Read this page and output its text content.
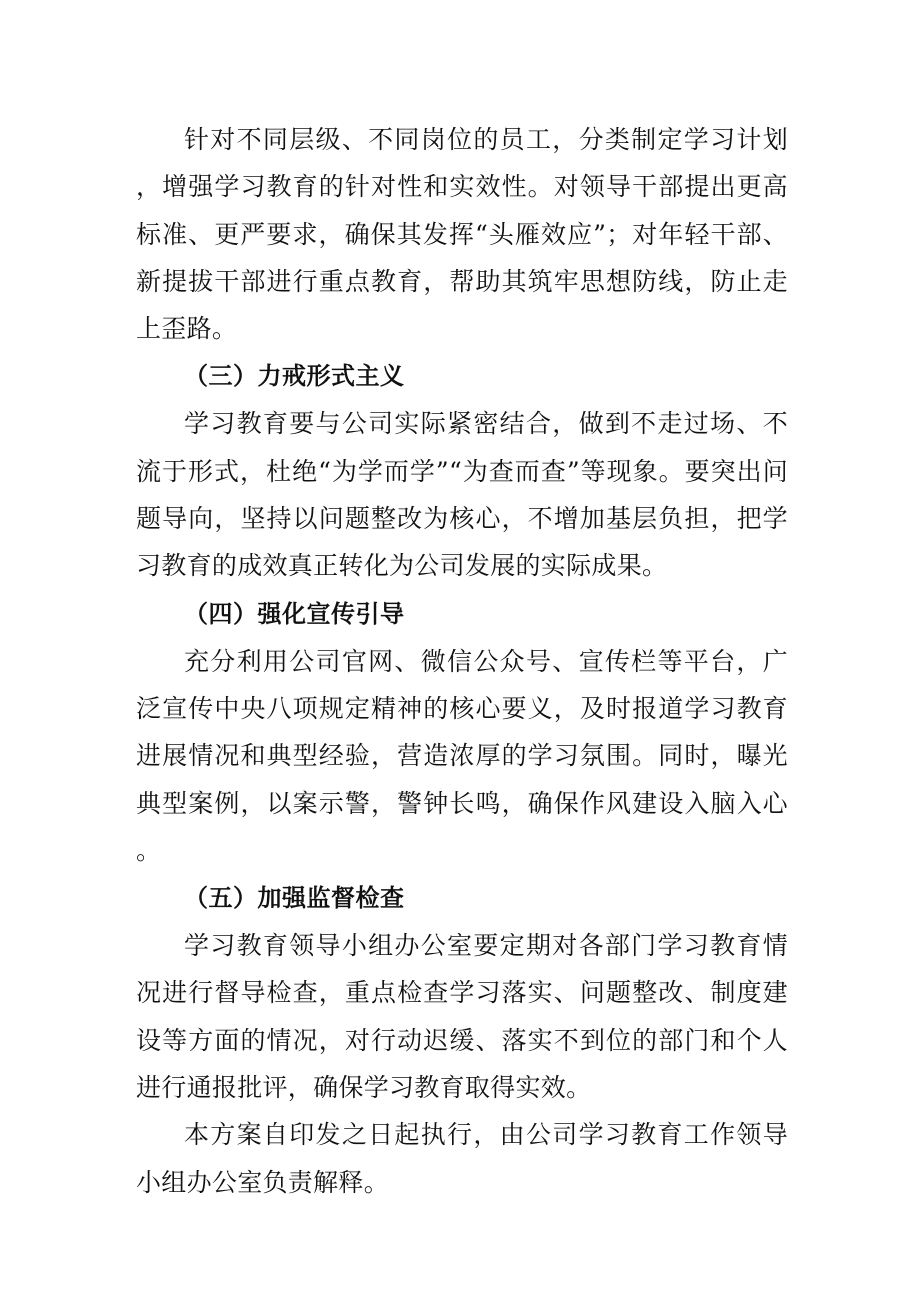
针对不同层级、不同岗位的员工，分类制定学习计划，增强学习教育的针对性和实效性。对领导干部提出更高标准、更严要求，确保其发挥“头雁效应”；对年轻干部、新提拔干部进行重点教育，帮助其筑牢思想防线，防止走上歪路。

（三）力戒形式主义

学习教育要与公司实际紧密结合，做到不走过场、不流于形式，杜绝“为学而学”“为查而查”等现象。要突出问题导向，坚持以问题整改为核心，不增加基层负担，把学习教育的成效真正转化为公司发展的实际成果。

（四）强化宣传引导

充分利用公司官网、微信公众号、宣传栏等平台，广泛宣传中央八项规定精神的核心要义，及时报道学习教育进展情况和典型经验，营造浓厚的学习氛围。同时，曝光典型案例，以案示警，警钟长鸣，确保作风建设入脑入心。

（五）加强监督检查

学习教育领导小组办公室要定期对各部门学习教育情况进行督导检查，重点检查学习落实、问题整改、制度建设等方面的情况，对行动迟缓、落实不到位的部门和个人进行通报批评，确保学习教育取得实效。

本方案自印发之日起执行，由公司学习教育工作领导小组办公室负责解释。
